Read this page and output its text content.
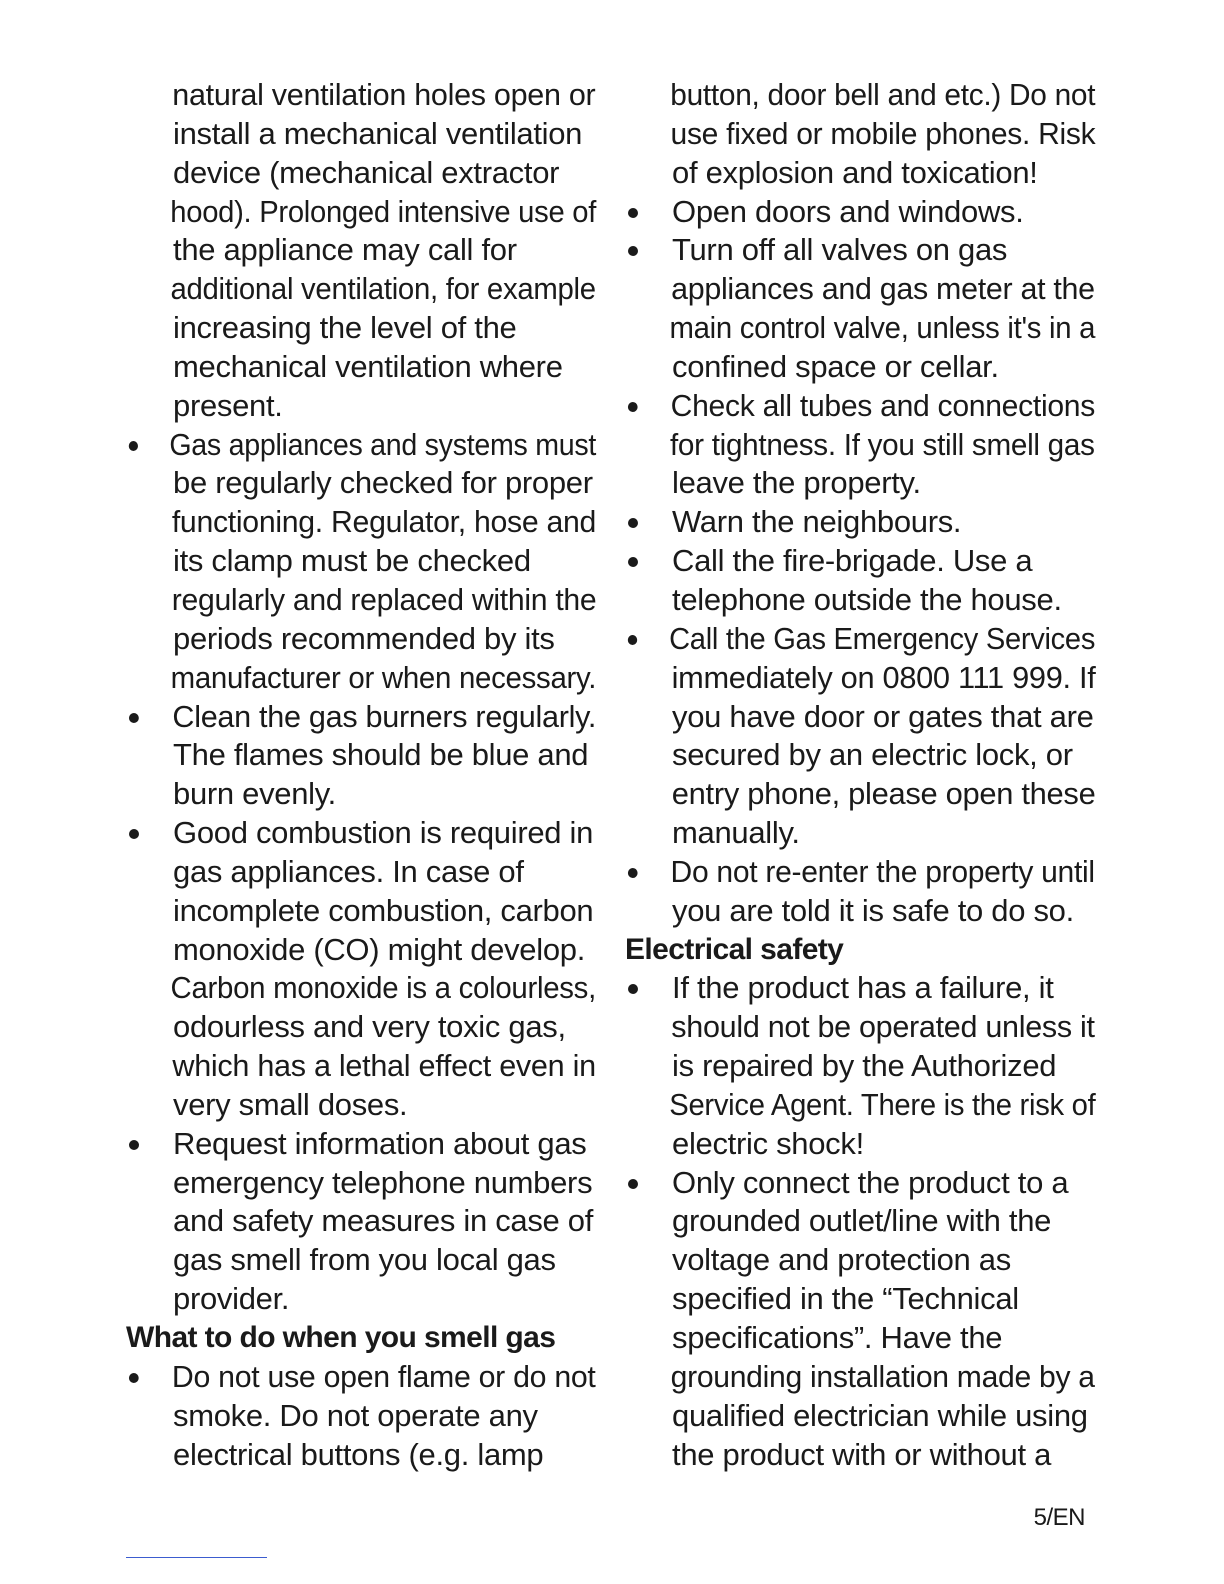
natural ventilation holes open or
install a mechanical ventilation
device (mechanical extractor
hood). Prolonged intensive use of
the appliance may call for
additional ventilation, for example
increasing the level of the
mechanical ventilation where
present.
Gas appliances and systems must
be regularly checked for proper
functioning. Regulator, hose and
its clamp must be checked
regularly and replaced within the
periods recommended by its
manufacturer or when necessary.
Clean the gas burners regularly.
The flames should be blue and
burn evenly.
Good combustion is required in
gas appliances. In case of
incomplete combustion, carbon
monoxide (CO) might develop.
Carbon monoxide is a colourless,
odourless and very toxic gas,
which has a lethal effect even in
very small doses.
Request information about gas
emergency telephone numbers
and safety measures in case of
gas smell from you local gas
provider.
What to do when you smell gas
Do not use open flame or do not
smoke. Do not operate any
electrical buttons (e.g. lamp
button, door bell and etc.) Do not
use fixed or mobile phones. Risk
of explosion and toxication!
Open doors and windows.
Turn off all valves on gas
appliances and gas meter at the
main control valve, unless it's in a
confined space or cellar.
Check all tubes and connections
for tightness. If you still smell gas
leave the property.
Warn the neighbours.
Call the fire-brigade. Use a
telephone outside the house.
Call the Gas Emergency Services
immediately on 0800 111 999. If
you have door or gates that are
secured by an electric lock, or
entry phone, please open these
manually.
Do not re-enter the property until
you are told it is safe to do so.
Electrical safety
If the product has a failure, it
should not be operated unless it
is repaired by the Authorized
Service Agent. There is the risk of
electric shock!
Only connect the product to a
grounded outlet/line with the
voltage and protection as
specified in the “Technical
specifications”. Have the
grounding installation made by a
qualified electrician while using
the product with or without a
5/EN
